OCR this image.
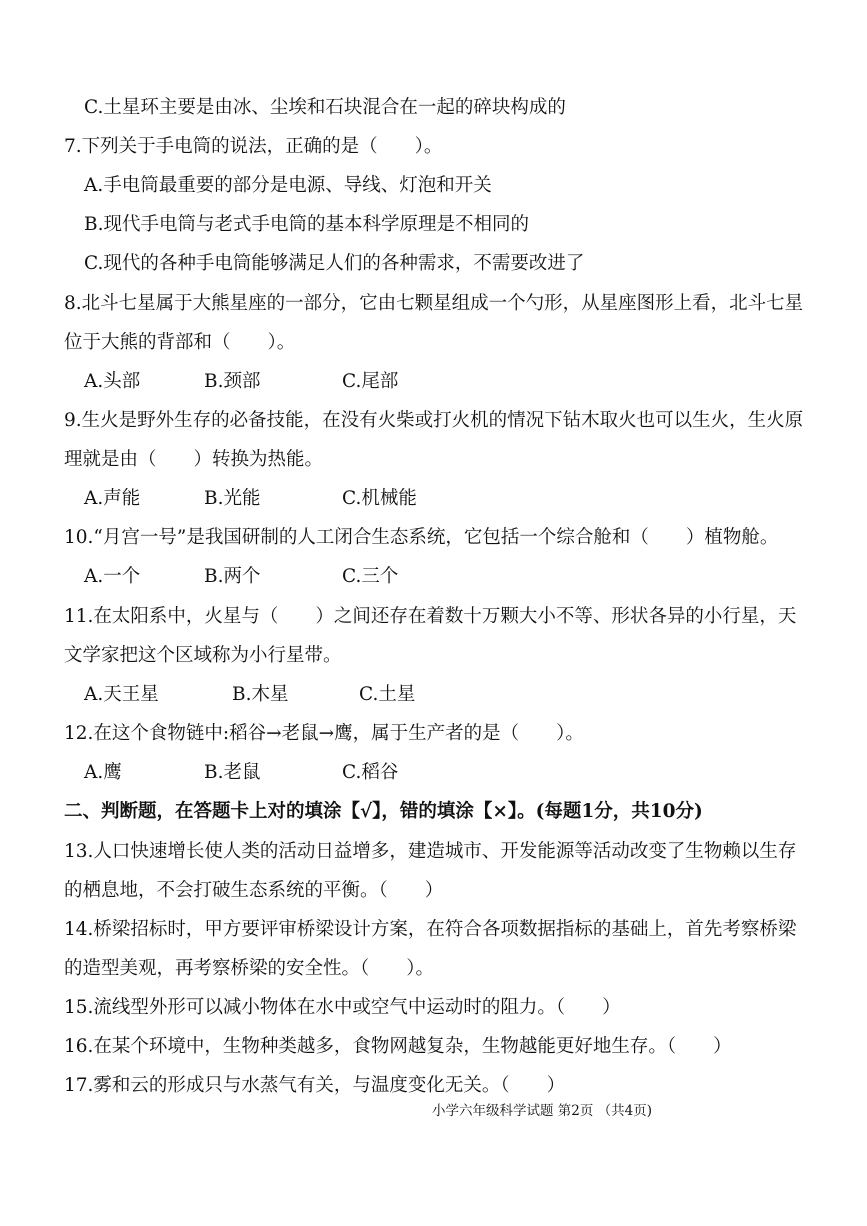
C.土星环主要是由冰、尘埃和石块混合在一起的碎块构成的
7.下列关于手电筒的说法，正确的是（　　）。
A.手电筒最重要的部分是电源、导线、灯泡和开关
B.现代手电筒与老式手电筒的基本科学原理是不相同的
C.现代的各种手电筒能够满足人们的各种需求，不需要改进了
8.北斗七星属于大熊星座的一部分，它由七颗星组成一个勺形，从星座图形上看，北斗七星
位于大熊的背部和（　　）。
A.头部	B.颈部	C.尾部
9.生火是野外生存的必备技能，在没有火柴或打火机的情况下钻木取火也可以生火，生火原
理就是由（　　）转换为热能。
A.声能	B.光能	C.机械能
10.“月宫一号”是我国研制的人工闭合生态系统，它包括一个综合舱和（　　）植物舱。
A.一个	B.两个	C.三个
11.在太阳系中，火星与（　　）之间还存在着数十万颗大小不等、形状各异的小行星，天
文学家把这个区域称为小行星带。
A.天王星	B.木星	C.土星
12.在这个食物链中:稻谷→老鼠→鹰，属于生产者的是（　　）。
A.鹰	B.老鼠	C.稻谷
二、判断题，在答题卡上对的填涂【√】，错的填涂【×】。(每题1分，共10分)
13.人口快速增长使人类的活动日益增多，建造城市、开发能源等活动改变了生物赖以生存
的栖息地，不会打破生态系统的平衡。（　　）
14.桥梁招标时，甲方要评审桥梁设计方案，在符合各项数据指标的基础上，首先考察桥梁
的造型美观，再考察桥梁的安全性。（　　）。
15.流线型外形可以减小物体在水中或空气中运动时的阻力。（　　）
16.在某个环境中，生物种类越多，食物网越复杂，生物越能更好地生存。（　　）
17.雾和云的形成只与水蒸气有关，与温度变化无关。（　　）
小学六年级科学试题 第2页 （共4页)
